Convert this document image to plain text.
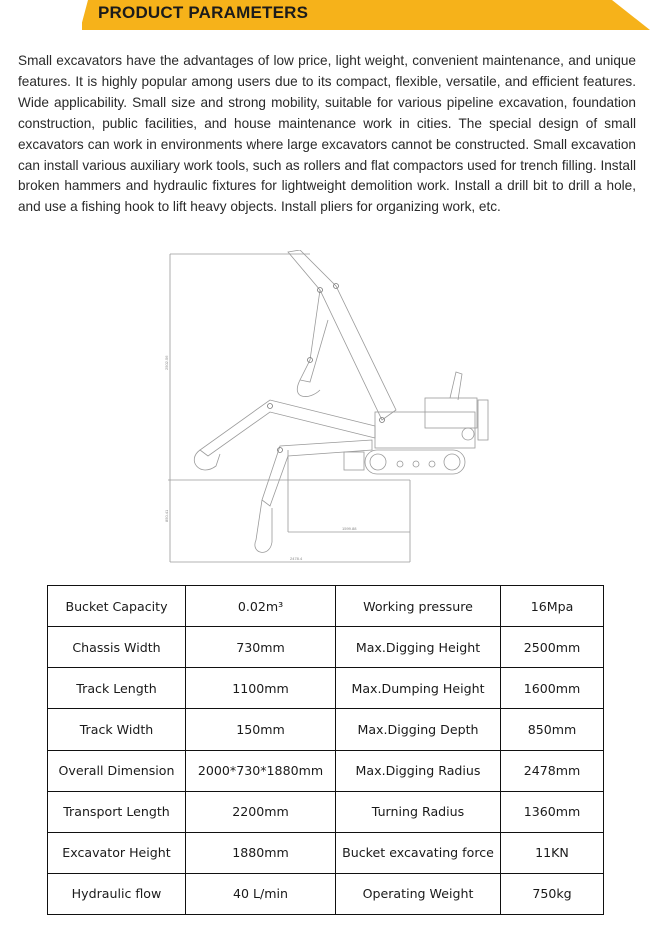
PRODUCT PARAMETERS

Small excavators have the advantages of low price, light weight, convenient maintenance, and unique features. It is highly popular among users due to its compact, flexible, versatile, and efficient features. Wide applicability. Small size and strong mobility, suitable for various pipeline excavation, foundation construction, public facilities, and house maintenance work in cities. The special design of small excavators can work in environments where large excavators cannot be constructed. Small excavation can install various auxiliary work tools, such as rollers and flat compactors used for trench filling. Install broken hammers and hydraulic fixtures for lightweight demolition work. Install a drill bit to drill a hole, and use a fishing hook to lift heavy objects. Install pliers for organizing work, etc.

2502.56
850.41
1599.88
2478.4
Bucket Capacity	0.02m³	Working pressure	16Mpa
Chassis Width	730mm	Max.Digging Height	2500mm
Track Length	1100mm	Max.Dumping Height	1600mm
Track Width	150mm	Max.Digging Depth	850mm
Overall Dimension	2000*730*1880mm	Max.Digging Radius	2478mm
Transport Length	2200mm	Turning Radius	1360mm
Excavator Height	1880mm	Bucket excavating force	11KN
Hydraulic flow	40 L/min	Operating Weight	750kg
